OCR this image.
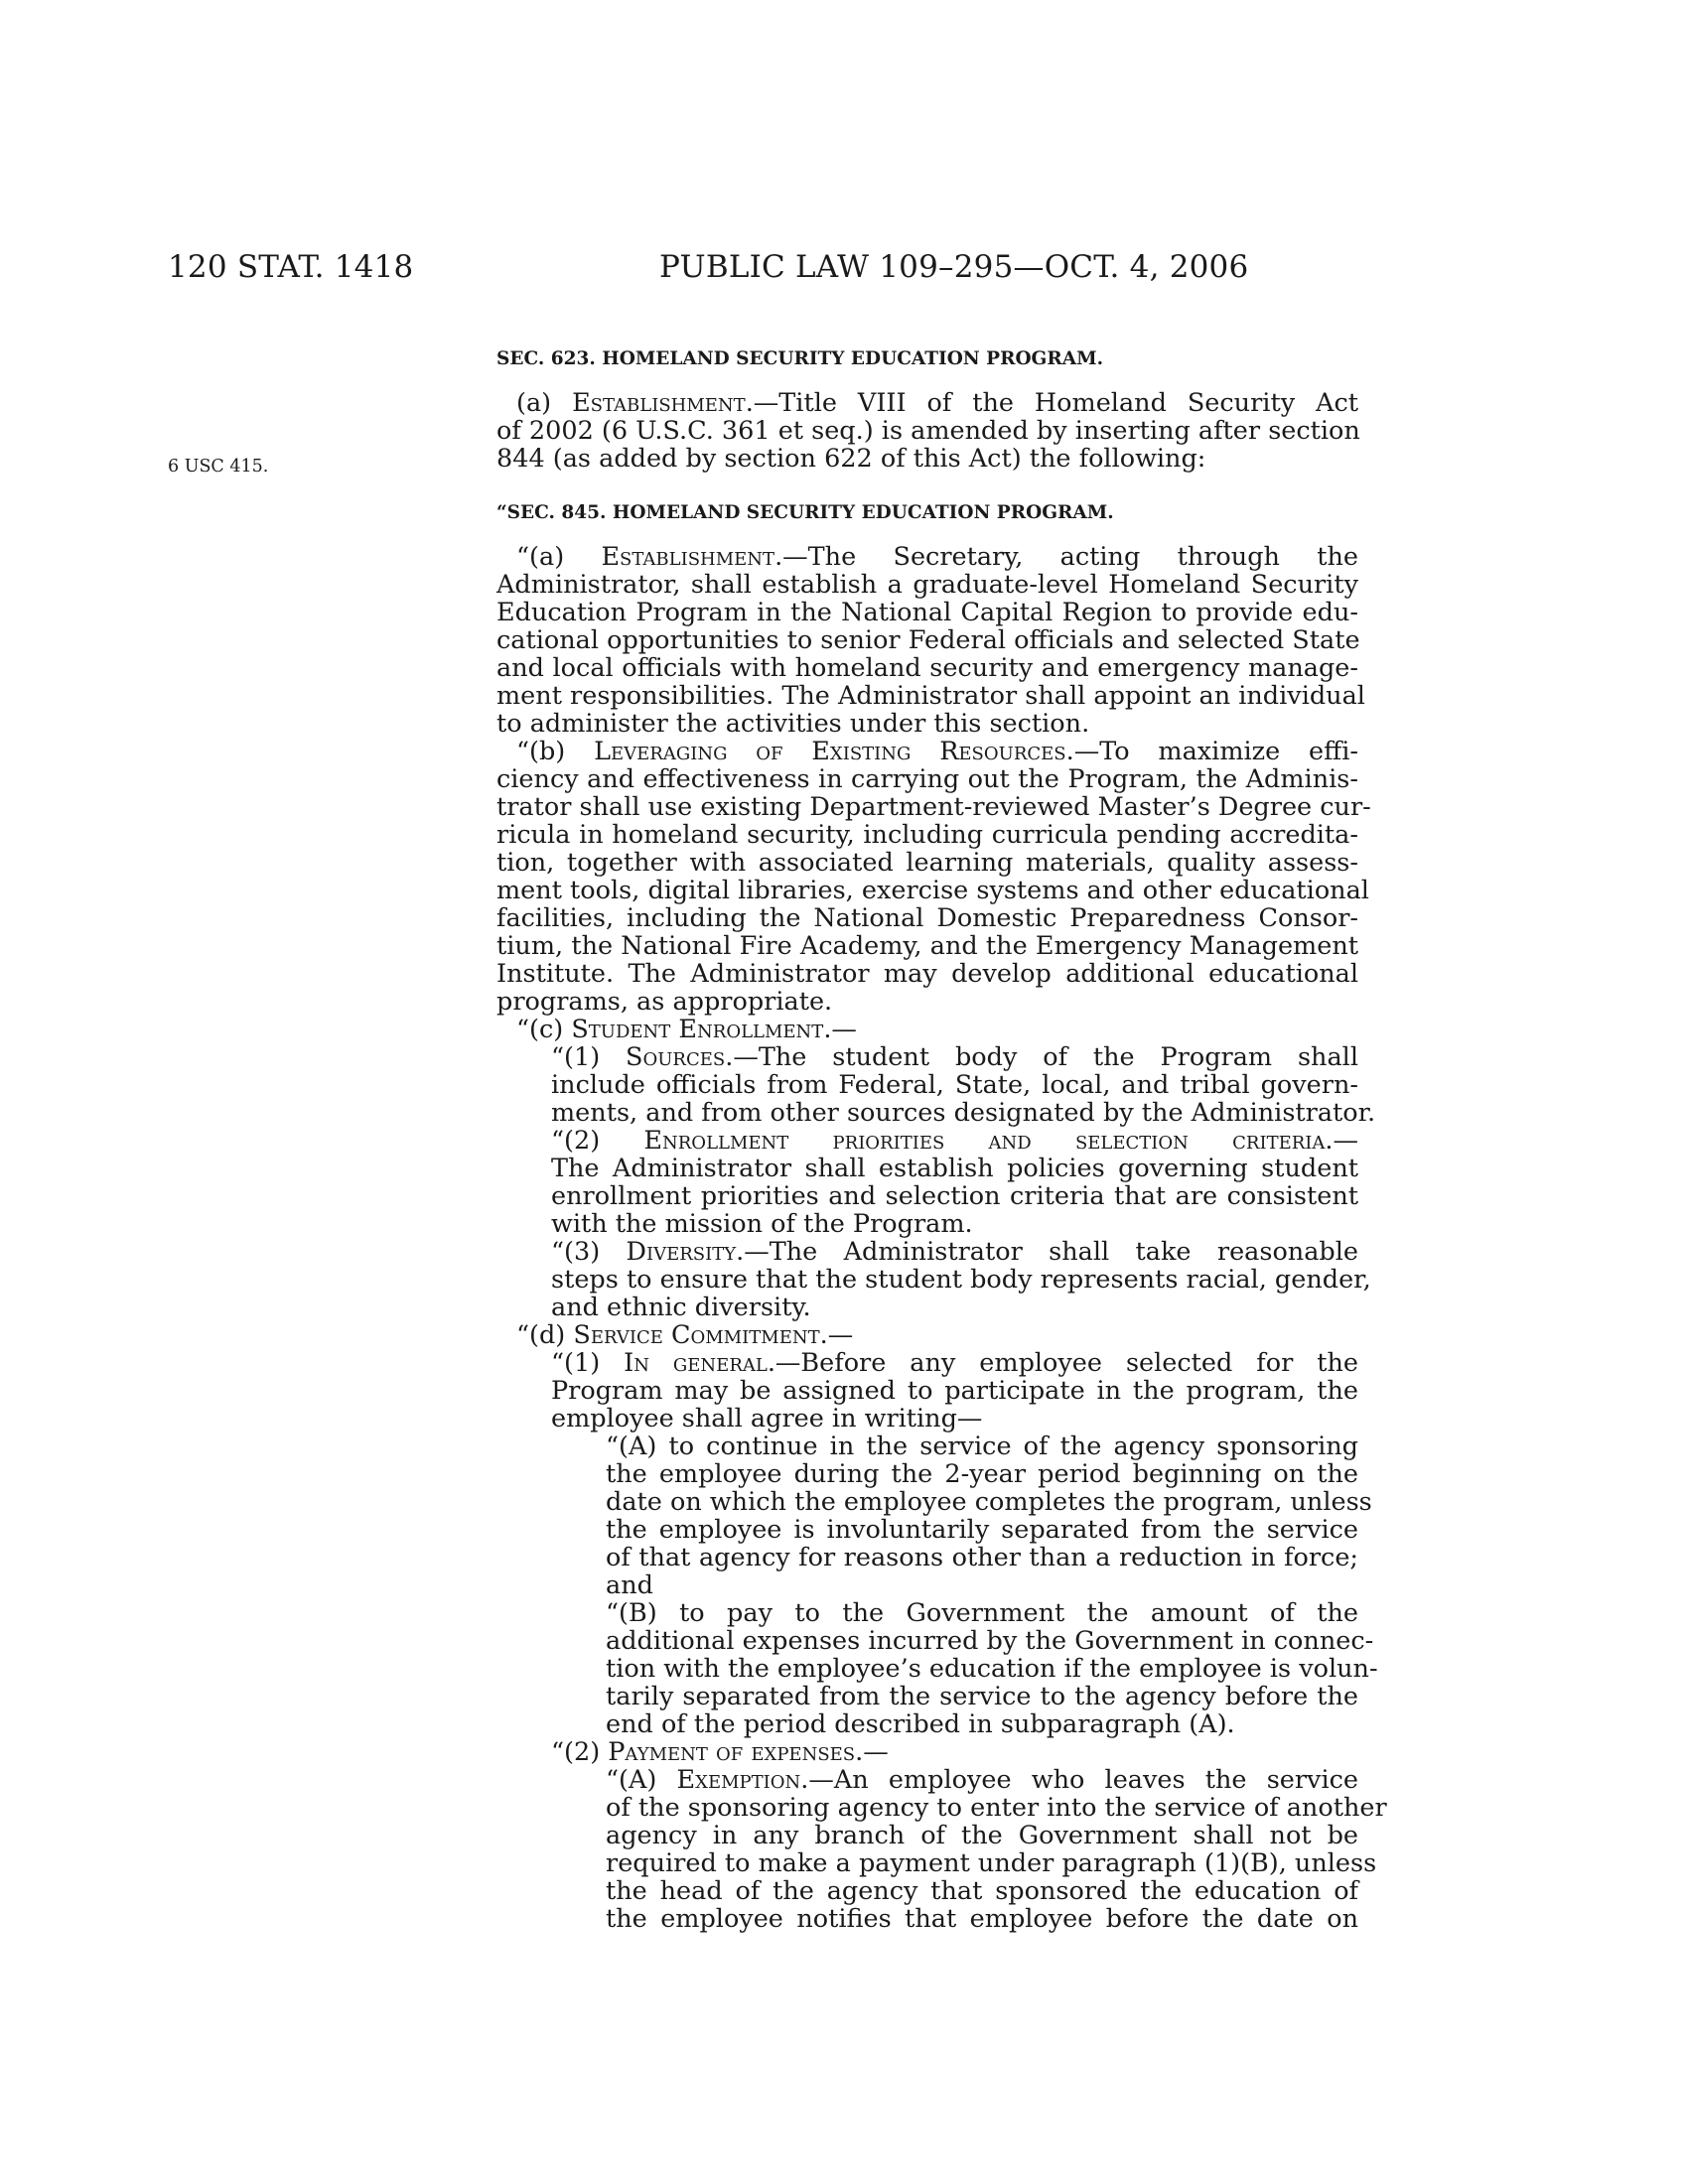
120 STAT. 1418	PUBLIC LAW 109–295—OCT. 4, 2006
6 USC 415.
SEC. 623. HOMELAND SECURITY EDUCATION PROGRAM.
(a) Establishment.—Title VIII of the Homeland Security Act
of 2002 (6 U.S.C. 361 et seq.) is amended by inserting after section
844 (as added by section 622 of this Act) the following:
“SEC. 845. HOMELAND SECURITY EDUCATION PROGRAM.
“(a) Establishment.—The Secretary, acting through the
Administrator, shall establish a graduate-level Homeland Security
Education Program in the National Capital Region to provide edu-
cational opportunities to senior Federal officials and selected State
and local officials with homeland security and emergency manage-
ment responsibilities. The Administrator shall appoint an individual
to administer the activities under this section.
“(b) Leveraging of Existing Resources.—To maximize effi-
ciency and effectiveness in carrying out the Program, the Adminis-
trator shall use existing Department-reviewed Master’s Degree cur-
ricula in homeland security, including curricula pending accredita-
tion, together with associated learning materials, quality assess-
ment tools, digital libraries, exercise systems and other educational
facilities, including the National Domestic Preparedness Consor-
tium, the National Fire Academy, and the Emergency Management
Institute. The Administrator may develop additional educational
programs, as appropriate.
“(c) Student Enrollment.—
“(1) Sources.—The student body of the Program shall
include officials from Federal, State, local, and tribal govern-
ments, and from other sources designated by the Administrator.
“(2) Enrollment priorities and selection criteria.—
The Administrator shall establish policies governing student
enrollment priorities and selection criteria that are consistent
with the mission of the Program.
“(3) Diversity.—The Administrator shall take reasonable
steps to ensure that the student body represents racial, gender,
and ethnic diversity.
“(d) Service Commitment.—
“(1) In general.—Before any employee selected for the
Program may be assigned to participate in the program, the
employee shall agree in writing—
“(A) to continue in the service of the agency sponsoring
the employee during the 2-year period beginning on the
date on which the employee completes the program, unless
the employee is involuntarily separated from the service
of that agency for reasons other than a reduction in force;
and
“(B) to pay to the Government the amount of the
additional expenses incurred by the Government in connec-
tion with the employee’s education if the employee is volun-
tarily separated from the service to the agency before the
end of the period described in subparagraph (A).
“(2) Payment of expenses.—
“(A) Exemption.—An employee who leaves the service
of the sponsoring agency to enter into the service of another
agency in any branch of the Government shall not be
required to make a payment under paragraph (1)(B), unless
the head of the agency that sponsored the education of
the employee notifies that employee before the date on
